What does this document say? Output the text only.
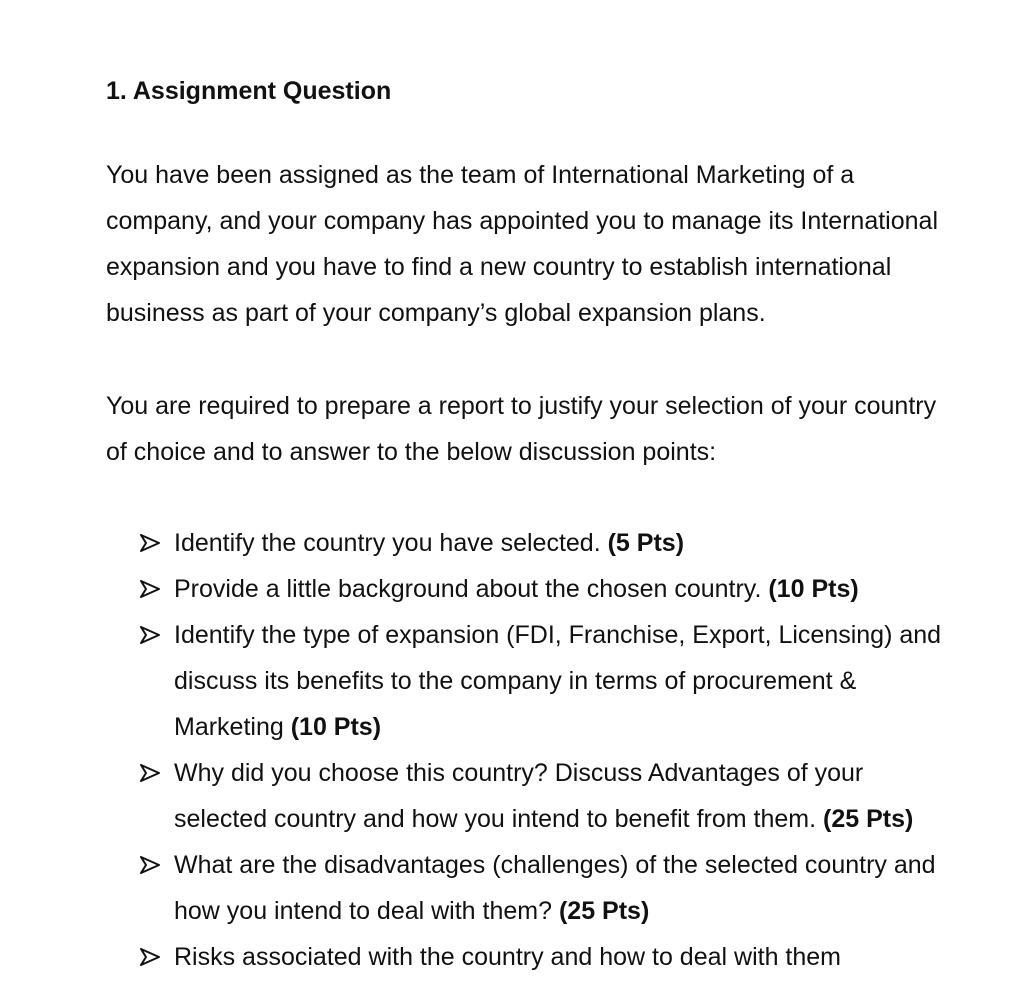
1. Assignment Question

You have been assigned as the team of International Marketing of a
company, and your company has appointed you to manage its International
expansion and you have to find a new country to establish international
business as part of your company’s global expansion plans.

You are required to prepare a report to justify your selection of your country
of choice and to answer to the below discussion points:

Identify the country you have selected. (5 Pts)
Provide a little background about the chosen country. (10 Pts)
Identify the type of expansion (FDI, Franchise, Export, Licensing) and
discuss its benefits to the company in terms of procurement &
Marketing (10 Pts)
Why did you choose this country? Discuss Advantages of your
selected country and how you intend to benefit from them. (25 Pts)
What are the disadvantages (challenges) of the selected country and
how you intend to deal with them? (25 Pts)
Risks associated with the country and how to deal with them
